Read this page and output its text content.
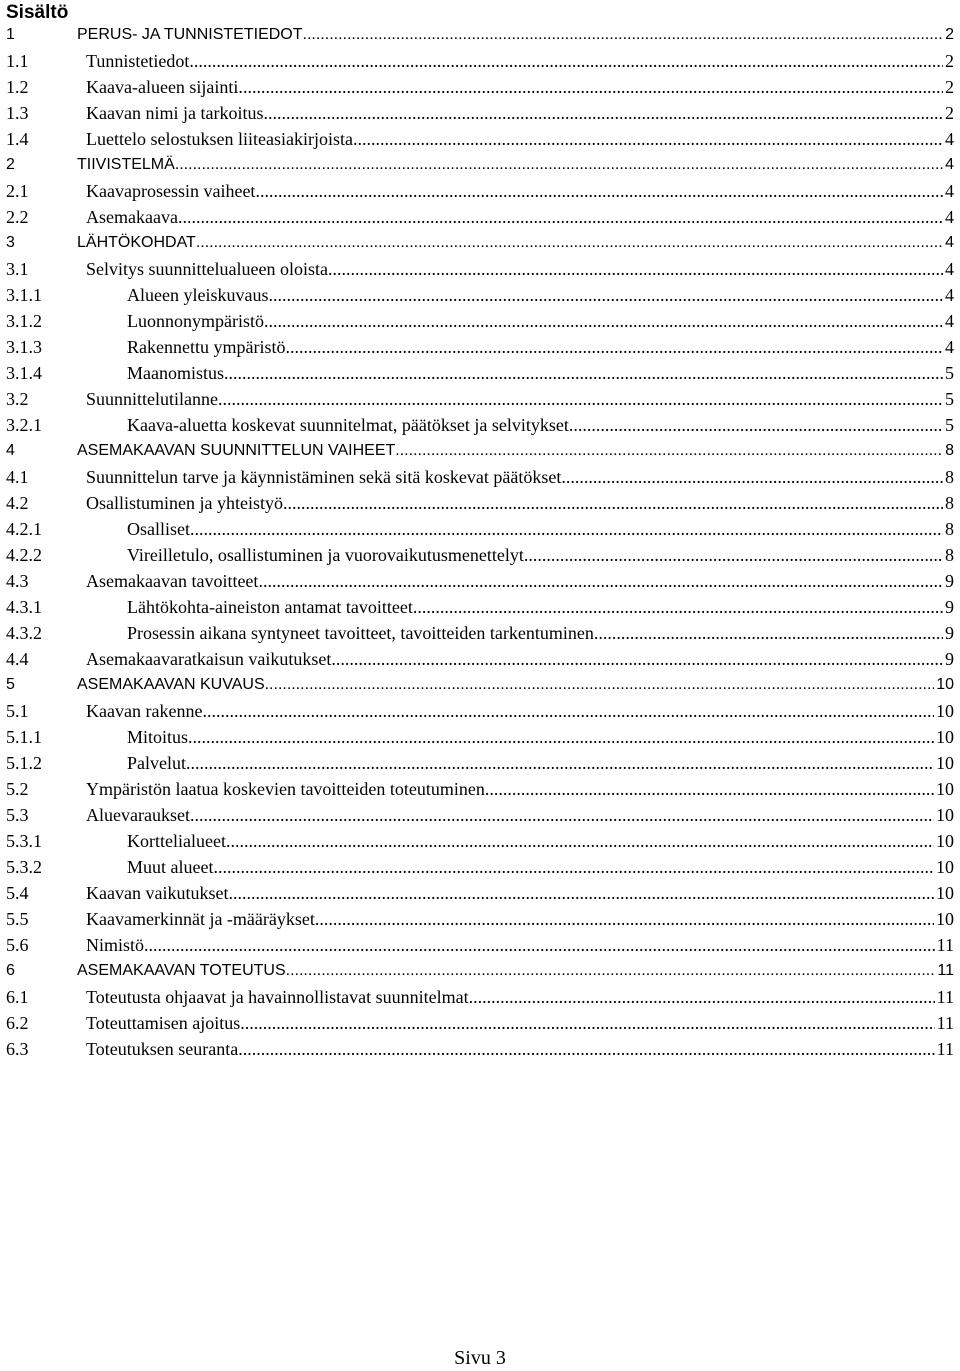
Sisältö
1	PERUS- JA TUNNISTETIEDOT .....	2
1.1	Tunnistetiedot .....	2
1.2	Kaava-alueen sijainti. .....	2
1.3	Kaavan nimi ja tarkoitus .....	2
1.4	Luettelo selostuksen liiteasiakirjoista .....	4
2	TIIVISTELMÄ .....	4
2.1	Kaavaprosessin vaiheet .....	4
2.2	Asemakaava .....	4
3	LÄHTÖKOHDAT .....	4
3.1	Selvitys suunnittelualueen oloista .....	4
3.1.1	Alueen yleiskuvaus .....	4
3.1.2	Luonnonympäristö .....	4
3.1.3	Rakennettu ympäristö .....	4
3.1.4	Maanomistus .....	5
3.2	Suunnittelutilanne .....	5
3.2.1	Kaava-aluetta koskevat suunnitelmat, päätökset ja selvitykset .....	5
4	ASEMAKAAVAN SUUNNITTELUN VAIHEET .....	8
4.1	Suunnittelun tarve ja käynnistäminen sekä sitä koskevat päätökset .....	8
4.2	Osallistuminen ja yhteistyö .....	8
4.2.1	Osalliset .....	8
4.2.2	Vireilletulo, osallistuminen ja vuorovaikutusmenettelyt .....	8
4.3	Asemakaavan tavoitteet .....	9
4.3.1	Lähtökohta-aineiston antamat tavoitteet .....	9
4.3.2	Prosessin aikana syntyneet tavoitteet, tavoitteiden tarkentuminen .....	9
4.4	Asemakaavaratkaisun vaikutukset .....	9
5	ASEMAKAAVAN KUVAUS .....	10
5.1	Kaavan rakenne .....	10
5.1.1	Mitoitus .....	10
5.1.2	Palvelut .....	10
5.2	Ympäristön laatua koskevien tavoitteiden toteutuminen .....	10
5.3	Aluevaraukset .....	10
5.3.1	Korttelialueet .....	10
5.3.2	Muut alueet .....	10
5.4	Kaavan vaikutukset .....	10
5.5	Kaavamerkinnät ja -määräykset .....	10
5.6	Nimistö .....	11
6	ASEMAKAAVAN TOTEUTUS .....	11
6.1	Toteutusta ohjaavat ja havainnollistavat suunnitelmat .....	11
6.2	Toteuttamisen ajoitus .....	11
6.3	Toteutuksen seuranta .....	11
Sivu 3
